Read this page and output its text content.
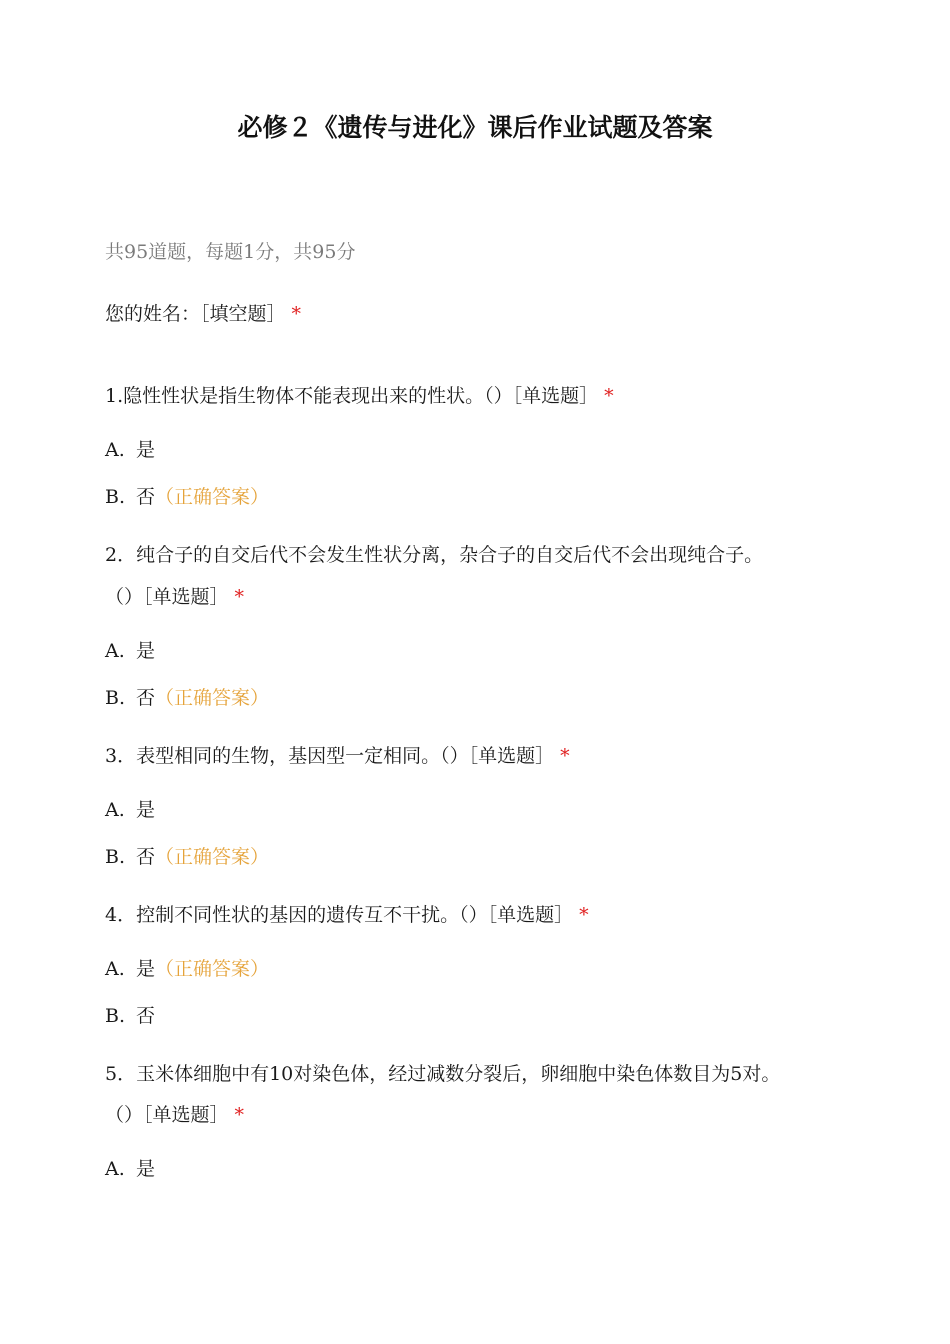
必修２《遗传与进化》课后作业试题及答案
共95道题，每题1分，共95分
您的姓名：［填空题］ *
1.隐性性状是指生物体不能表现出来的性状。（）［单选题］ *
A. 是
B. 否（正确答案）
2．纯合子的自交后代不会发生性状分离，杂合子的自交后代不会出现纯合子。
（）［单选题］ *
A. 是
B. 否（正确答案）
3．表型相同的生物，基因型一定相同。（）［单选题］ *
A. 是
B. 否（正确答案）
4．控制不同性状的基因的遗传互不干扰。（）［单选题］ *
A. 是（正确答案）
B. 否
5．玉米体细胞中有10对染色体，经过减数分裂后，卵细胞中染色体数目为5对。
（）［单选题］ *
A. 是
